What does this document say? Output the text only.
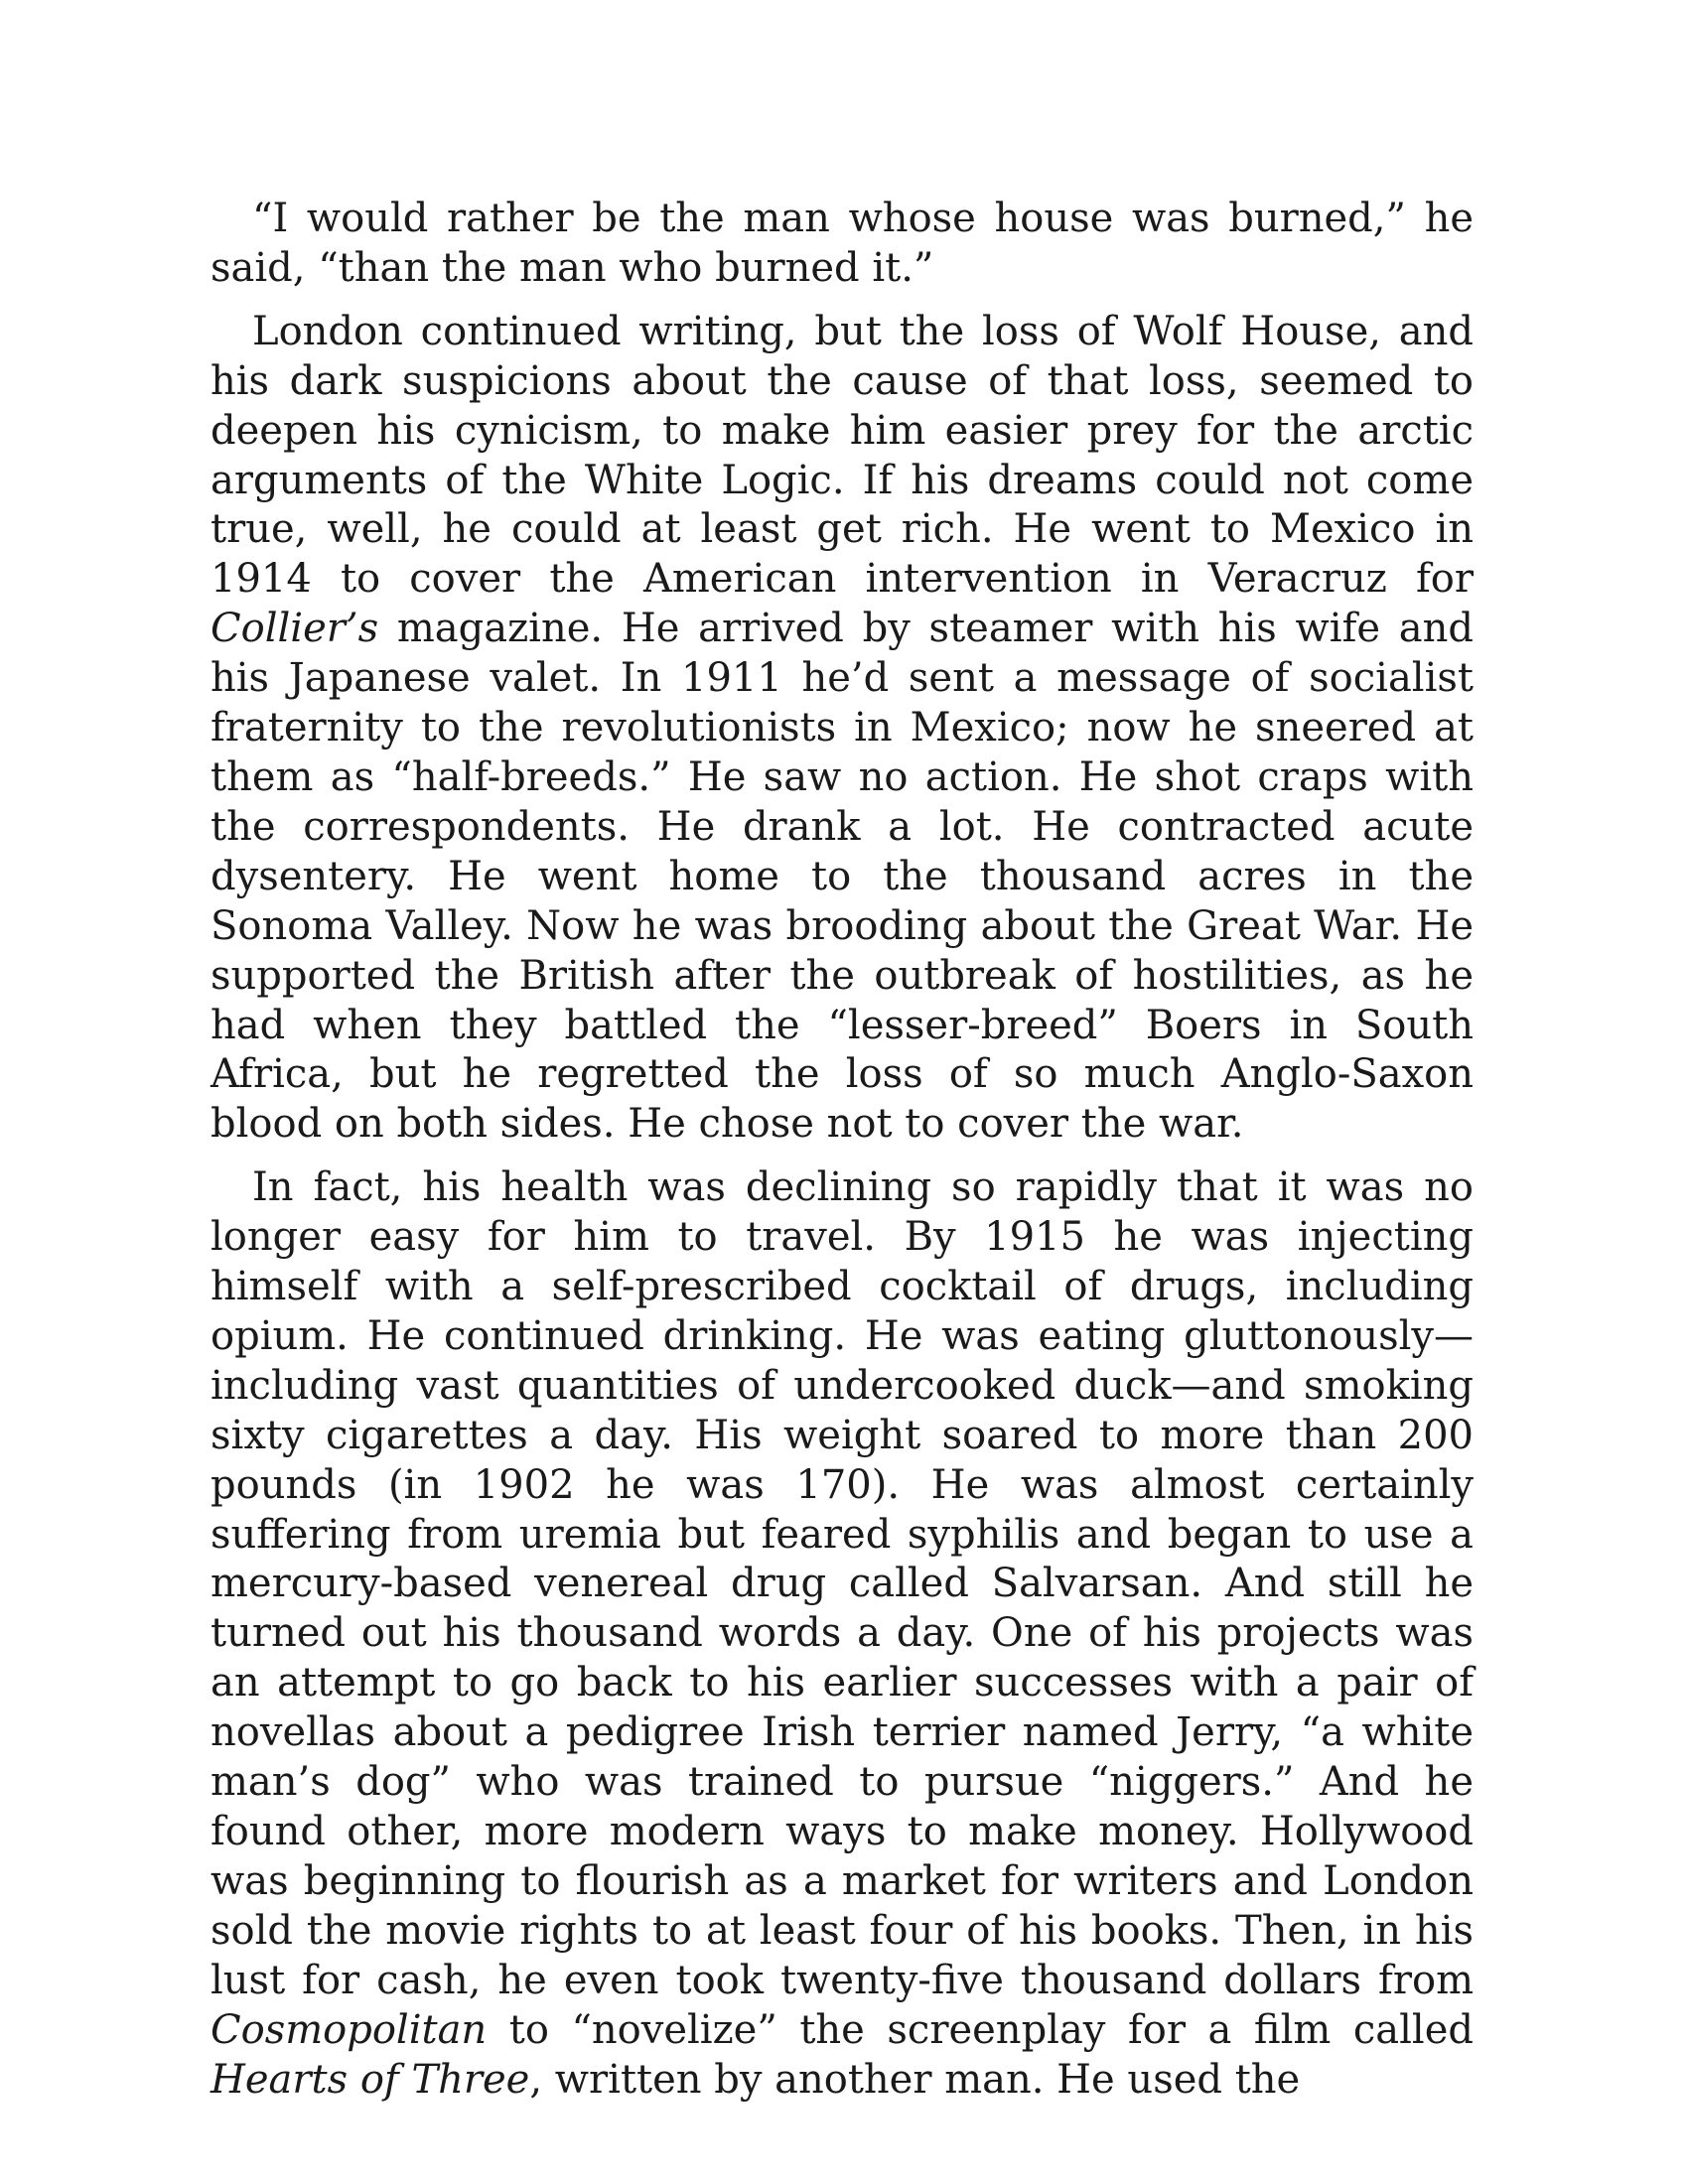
“I would rather be the man whose house was burned,” he said, “than the man who burned it.”

London continued writing, but the loss of Wolf House, and his dark suspicions about the cause of that loss, seemed to deepen his cynicism, to make him easier prey for the arctic arguments of the White Logic. If his dreams could not come true, well, he could at least get rich. He went to Mexico in 1914 to cover the American intervention in Veracruz for Collier’s magazine. He arrived by steamer with his wife and his Japanese valet. In 1911 he’d sent a message of socialist fraternity to the revolutionists in Mexico; now he sneered at them as “half-breeds.” He saw no action. He shot craps with the correspondents. He drank a lot. He contracted acute dysentery. He went home to the thousand acres in the Sonoma Valley. Now he was brooding about the Great War. He supported the British after the outbreak of hostilities, as he had when they battled the “lesser-breed” Boers in South Africa, but he regretted the loss of so much Anglo-Saxon blood on both sides. He chose not to cover the war.

In fact, his health was declining so rapidly that it was no longer easy for him to travel. By 1915 he was injecting himself with a self-prescribed cocktail of drugs, including opium. He continued drinking. He was eating gluttonously—including vast quantities of undercooked duck—and smoking sixty cigarettes a day. His weight soared to more than 200 pounds (in 1902 he was 170). He was almost certainly suffering from uremia but feared syphilis and began to use a mercury-based venereal drug called Salvarsan. And still he turned out his thousand words a day. One of his projects was an attempt to go back to his earlier successes with a pair of novellas about a pedigree Irish terrier named Jerry, “a white man’s dog” who was trained to pursue “niggers.” And he found other, more modern ways to make money. Hollywood was beginning to flourish as a market for writers and London sold the movie rights to at least four of his books. Then, in his lust for cash, he even took twenty-five thousand dollars from Cosmopolitan to “novelize” the screenplay for a film called Hearts of Three, written by another man. He used the
